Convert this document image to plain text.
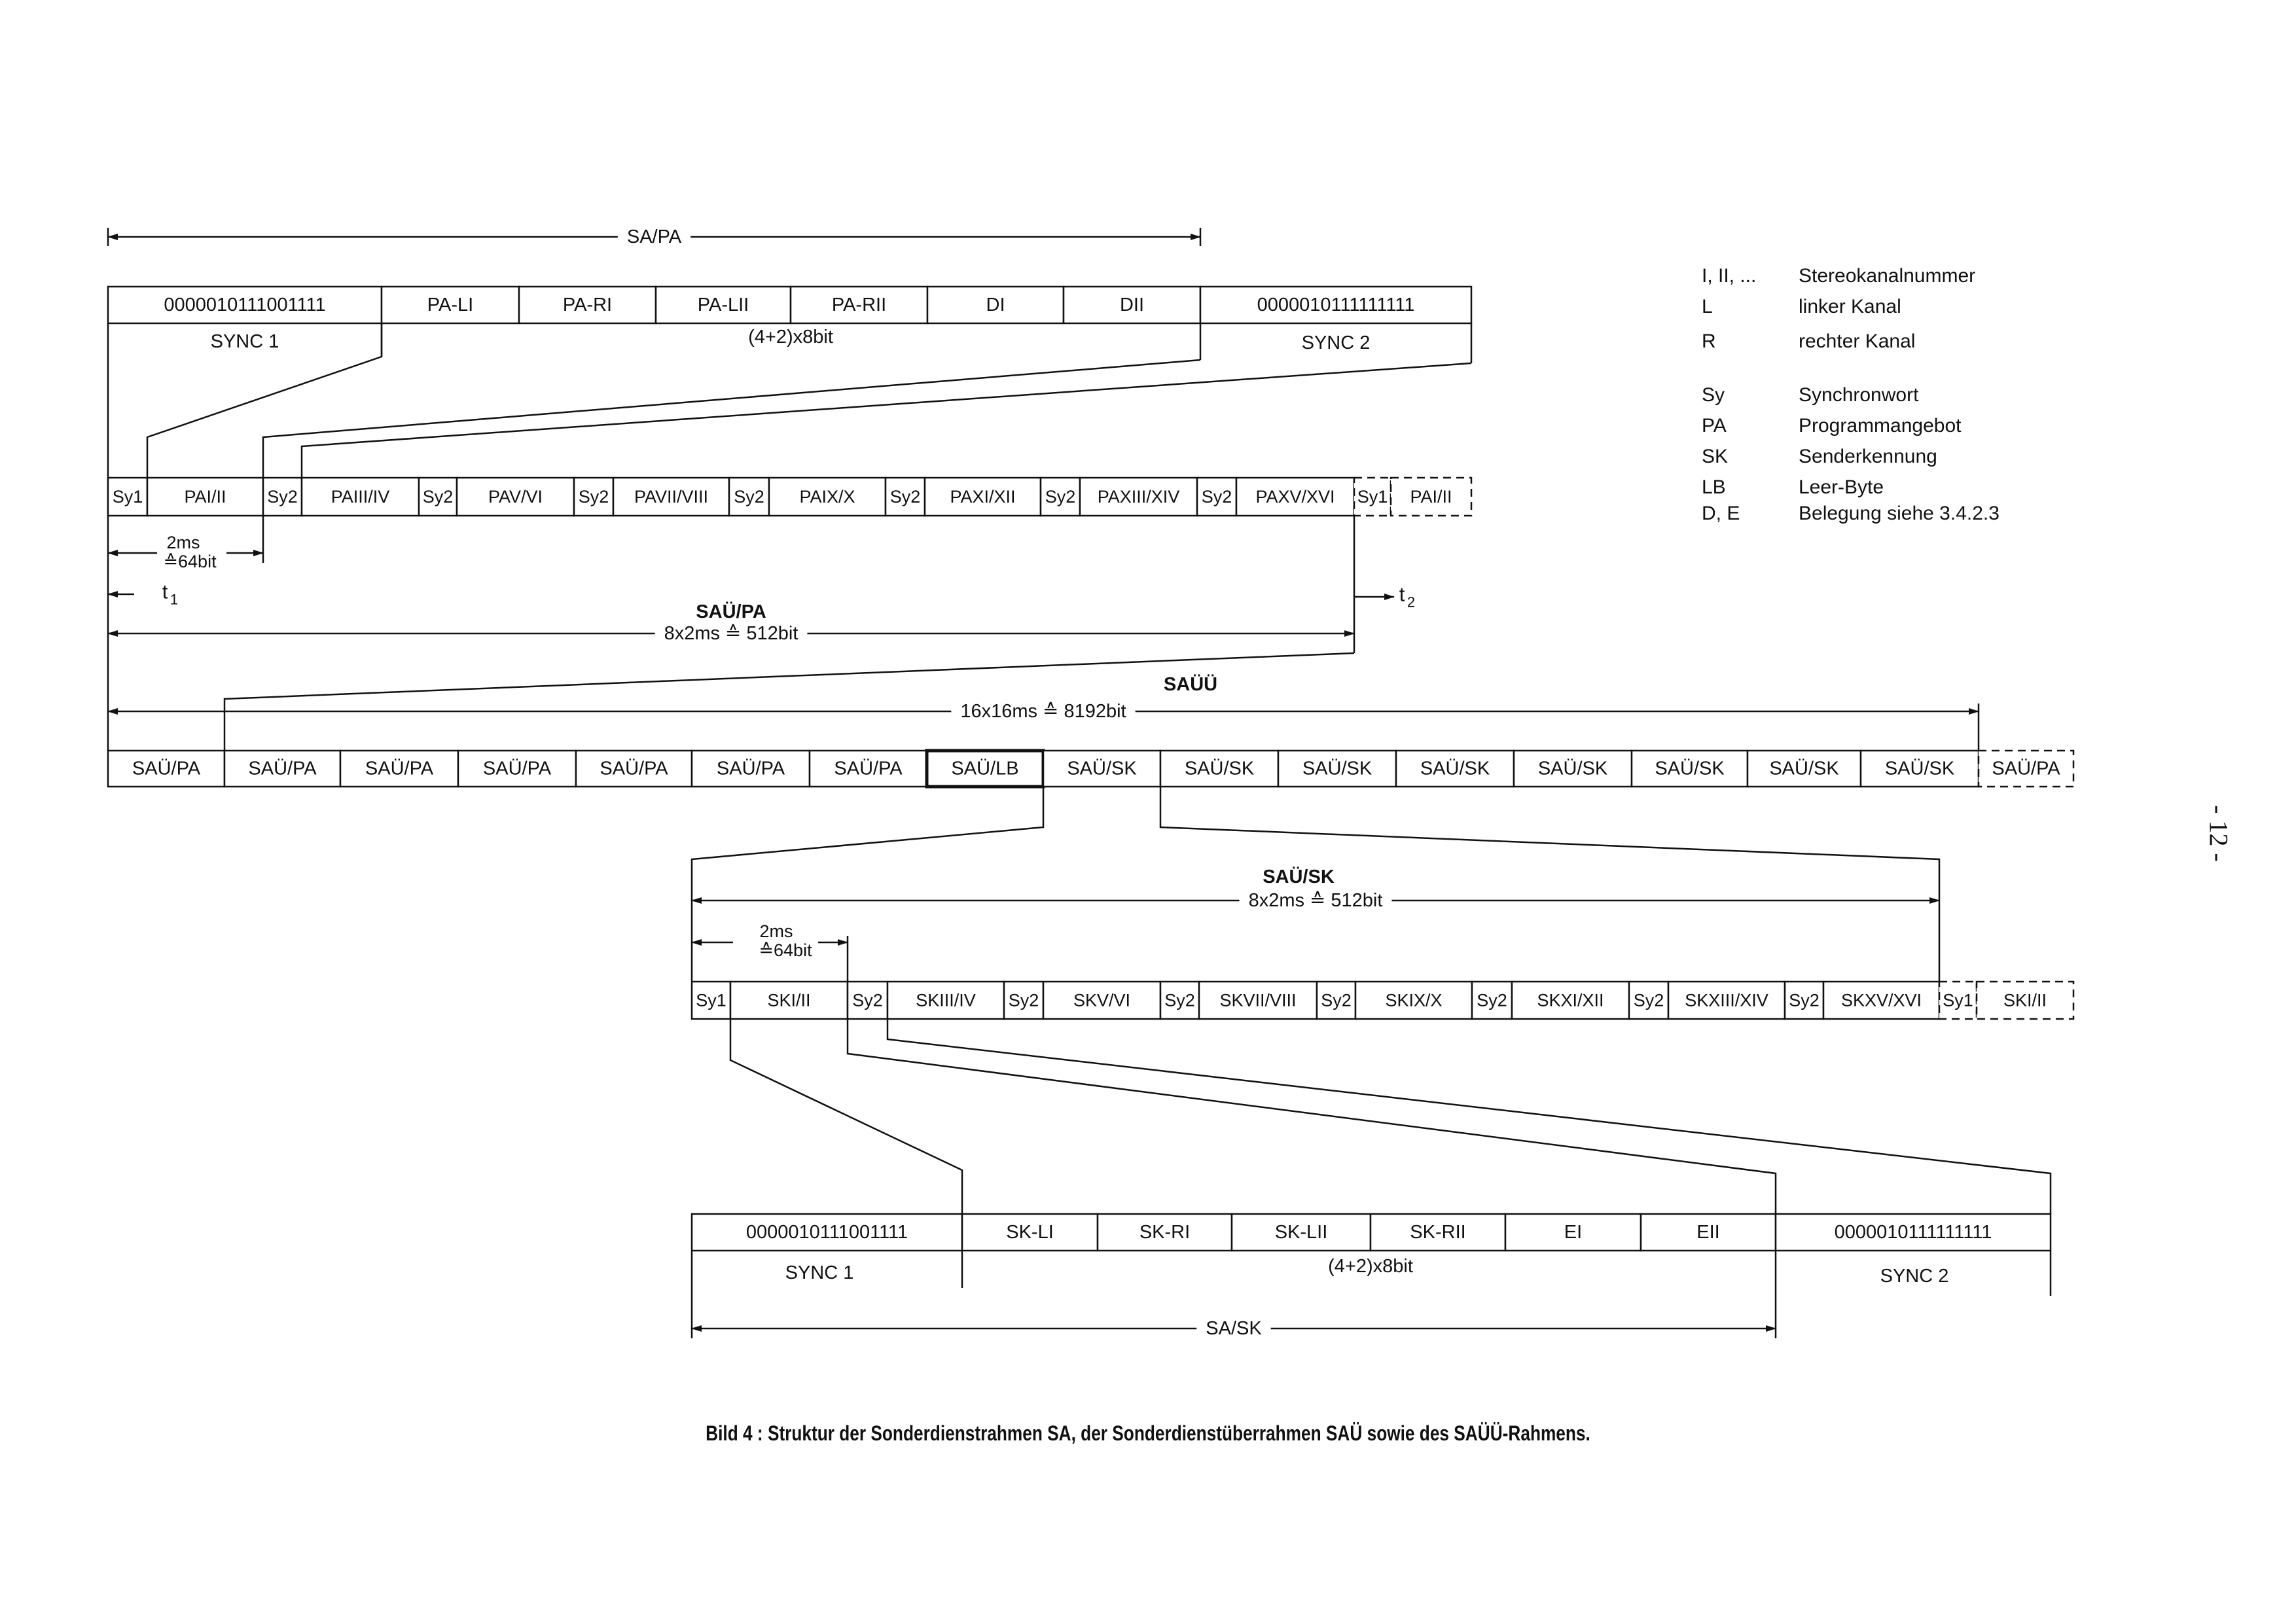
0000010111001111	PA-LI	PA-RI	PA-LII	PA-RII	DI	DII	0000010111111111
SA/PA
SYNC 1	(4+2)x8bit	SYNC 2
Sy1 PAI/II Sy2 PAIII/IV Sy2 PAV/VI Sy2 PAVII/VIII Sy2 PAIX/X Sy2 PAXI/XII Sy2 PAXIII/XIV Sy2 PAXV/XVI Sy1 PAI/II
2ms
≙64bit
t 1	t 2
SAÜ/PA
8x2ms ≙ 512bit
SAÜ/PA	SAÜ/PA	SAÜ/PA	SAÜ/PA	SAÜ/PA	SAÜ/PA	SAÜ/PA	SAÜ/LB	SAÜ/SK	SAÜ/SK	SAÜ/SK	SAÜ/SK	SAÜ/SK SAÜ/SK SAÜ/SK SAÜ/SK SAÜ/PA
SAÜÜ
16x16ms ≙ 8192bit
SAÜ/SK
8x2ms ≙ 512bit
2ms
≙64bit
Sy1 SKI/II Sy2 SKIII/IV Sy2 SKV/VI Sy2 SKVII/VIII Sy2 SKIX/X Sy2 SKXI/XII Sy2 SKXIII/XIV Sy2 SKXV/XVI Sy1 SKI/II
0000010111001111	SK-LI	SK-RI	SK-LII	SK-RII	EI	EII	0000010111111111
SYNC 1	(4+2)x8bit	SYNC 2
SA/SK
I, II, ... Stereokanalnummer
L	linker Kanal
R	rechter Kanal
Sy	Synchronwort
PA	Programmangebot
SK	Senderkennung
LB	Leer-Byte
D, E	Belegung siehe 3.4.2.3
Bild 4 : Struktur der Sonderdienstrahmen SA, der Sonderdienstüberrahmen SAÜ sowie des SAÜÜ-Rahmens.
- 12 -
